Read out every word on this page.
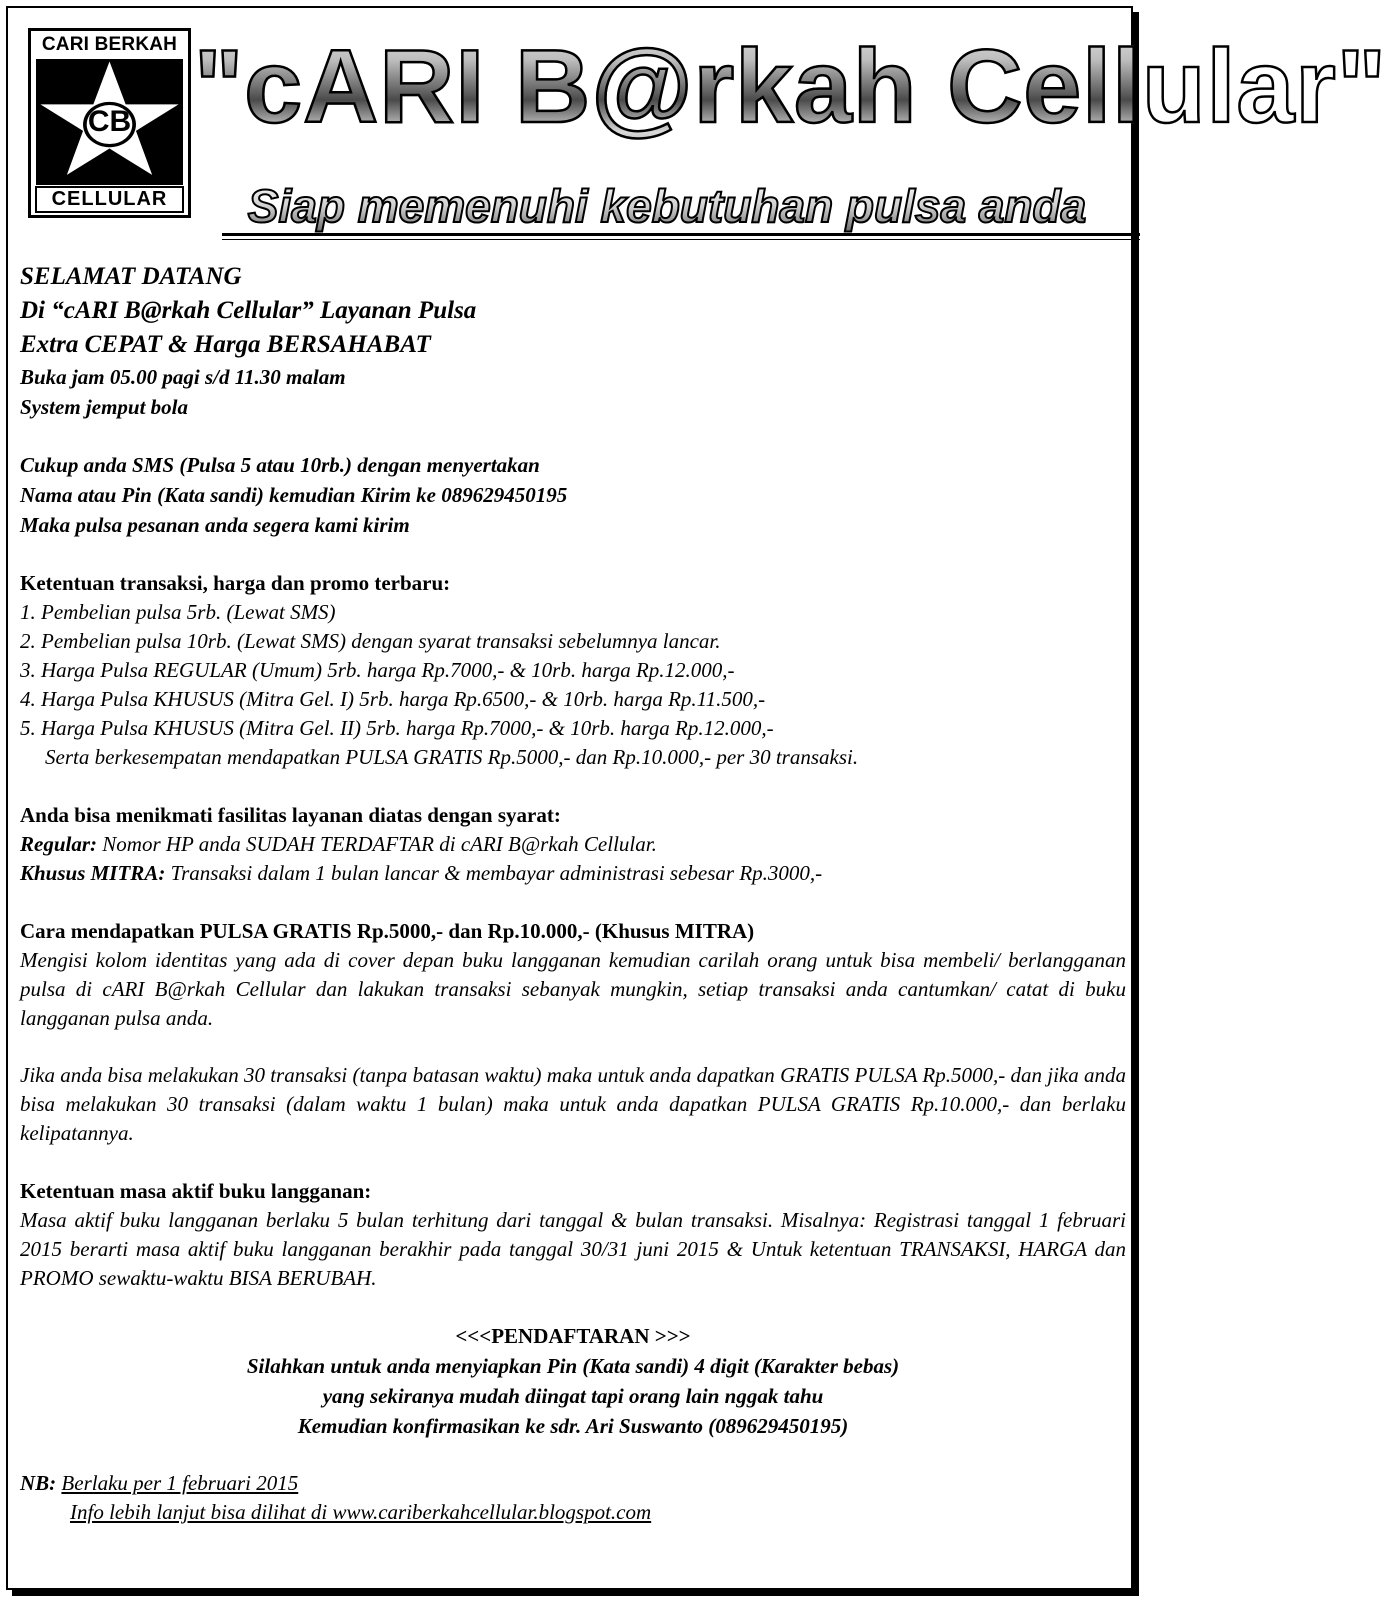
CARI BERKAH
CB
CELLULAR
"cARI B@rkah Cellular"
Siap memenuhi kebutuhan pulsa anda
SELAMAT DATANG
Di “cARI B@rkah Cellular” Layanan Pulsa
Extra CEPAT & Harga BERSAHABAT
Buka jam 05.00 pagi s/d 11.30 malam
System jemput bola
Cukup anda SMS (Pulsa 5 atau 10rb.) dengan menyertakan
Nama atau Pin (Kata sandi) kemudian Kirim ke 089629450195
Maka pulsa pesanan anda segera kami kirim
Ketentuan transaksi, harga dan promo terbaru:
1. Pembelian pulsa 5rb. (Lewat SMS)
2. Pembelian pulsa 10rb. (Lewat SMS) dengan syarat transaksi sebelumnya lancar.
3. Harga Pulsa REGULAR (Umum) 5rb. harga Rp.7000,- & 10rb. harga Rp.12.000,-
4. Harga Pulsa KHUSUS (Mitra Gel. I) 5rb. harga Rp.6500,- & 10rb. harga Rp.11.500,-
5. Harga Pulsa KHUSUS (Mitra Gel. II) 5rb. harga Rp.7000,- & 10rb. harga Rp.12.000,-
Serta berkesempatan mendapatkan PULSA GRATIS Rp.5000,- dan Rp.10.000,- per 30 transaksi.
Anda bisa menikmati fasilitas layanan diatas dengan syarat:
Regular: Nomor HP anda SUDAH TERDAFTAR di cARI B@rkah Cellular.
Khusus MITRA: Transaksi dalam 1 bulan lancar & membayar administrasi sebesar Rp.3000,-
Cara mendapatkan PULSA GRATIS Rp.5000,- dan Rp.10.000,- (Khusus MITRA)
Mengisi kolom identitas yang ada di cover depan buku langganan kemudian carilah orang untuk bisa membeli/ berlangganan pulsa di cARI B@rkah Cellular dan lakukan transaksi sebanyak mungkin, setiap transaksi anda cantumkan/ catat di buku langganan pulsa anda.
Jika anda bisa melakukan 30 transaksi (tanpa batasan waktu) maka untuk anda dapatkan GRATIS PULSA Rp.5000,- dan jika anda bisa melakukan 30 transaksi (dalam waktu 1 bulan) maka untuk anda dapatkan PULSA GRATIS Rp.10.000,- dan berlaku kelipatannya.
Ketentuan masa aktif buku langganan:
Masa aktif buku langganan berlaku 5 bulan terhitung dari tanggal & bulan transaksi. Misalnya: Registrasi tanggal 1 februari 2015 berarti masa aktif buku langganan berakhir pada tanggal 30/31 juni 2015 & Untuk ketentuan TRANSAKSI, HARGA dan PROMO sewaktu-waktu BISA BERUBAH.
<<<PENDAFTARAN >>>
Silahkan untuk anda menyiapkan Pin (Kata sandi) 4 digit (Karakter bebas)
yang sekiranya mudah diingat tapi orang lain nggak tahu
Kemudian konfirmasikan ke sdr. Ari Suswanto (089629450195)
NB: Berlaku per 1 februari 2015
Info lebih lanjut bisa dilihat di www.cariberkahcellular.blogspot.com
